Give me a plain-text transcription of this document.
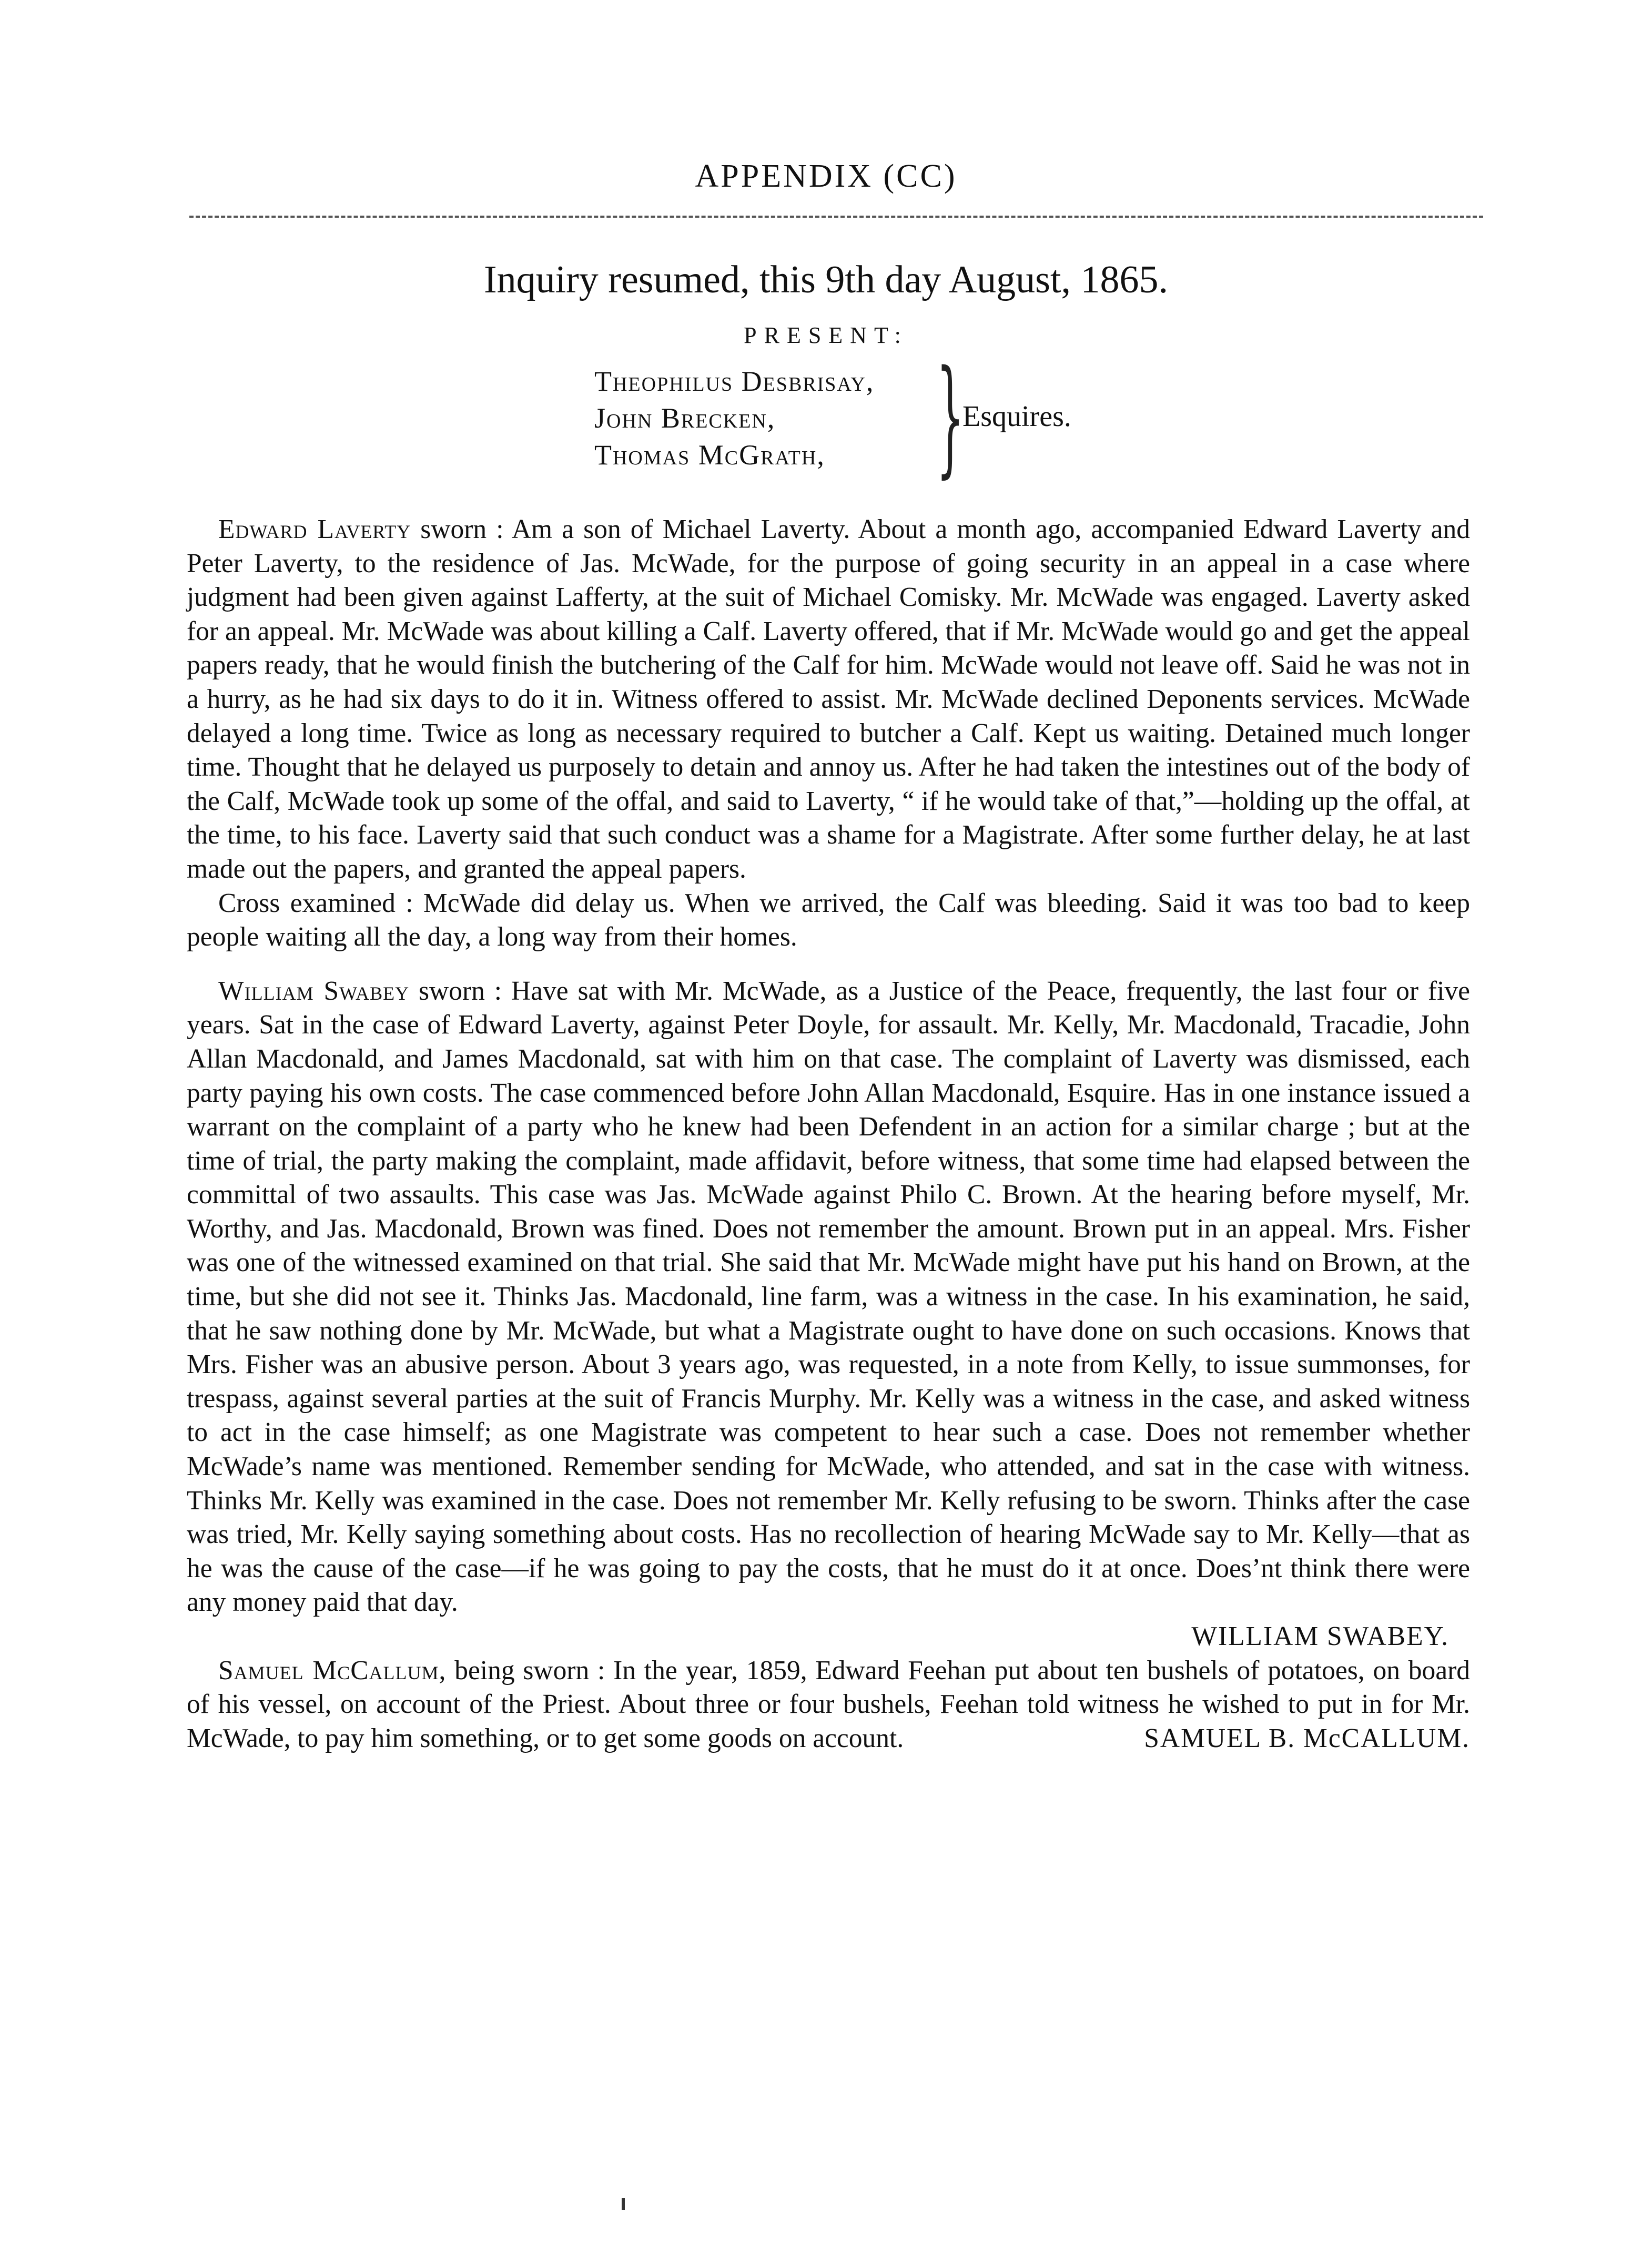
APPENDIX (CC)
Inquiry resumed, this 9th day August, 1865.
PRESENT:
Theophilus Desbrisay,
John Brecken,
Thomas McGrath, }
Esquires.

Edward Laverty sworn : Am a son of Michael Laverty. About a month ago, accompanied Edward Laverty and Peter Laverty, to the residence of Jas. McWade, for the purpose of going security in an appeal in a case where judgment had been given against Lafferty, at the suit of Michael Comisky. Mr. McWade was engaged. Laverty asked for an appeal. Mr. McWade was about killing a Calf. Laverty offered, that if Mr. McWade would go and get the appeal papers ready, that he would finish the butchering of the Calf for him. McWade would not leave off. Said he was not in a hurry, as he had six days to do it in. Witness offered to assist. Mr. McWade declined Deponents services. McWade delayed a long time. Twice as long as necessary required to butcher a Calf. Kept us waiting. Detained much longer time. Thought that he delayed us purposely to detain and annoy us. After he had taken the intestines out of the body of the Calf, McWade took up some of the offal, and said to Laverty, “ if he would take of that,”—holding up the offal, at the time, to his face. Laverty said that such conduct was a shame for a Magistrate. After some further delay, he at last made out the papers, and granted the appeal papers.

Cross examined : McWade did delay us. When we arrived, the Calf was bleeding. Said it was too bad to keep people waiting all the day, a long way from their homes.

William Swabey sworn : Have sat with Mr. McWade, as a Justice of the Peace, frequently, the last four or five years. Sat in the case of Edward Laverty, against Peter Doyle, for assault. Mr. Kelly, Mr. Macdonald, Tracadie, John Allan Macdonald, and James Macdonald, sat with him on that case. The complaint of Laverty was dismissed, each party paying his own costs. The case commenced before John Allan Macdonald, Esquire. Has in one instance issued a warrant on the complaint of a party who he knew had been Defendent in an action for a similar charge ; but at the time of trial, the party making the complaint, made affidavit, before witness, that some time had elapsed between the committal of two assaults. This case was Jas. McWade against Philo C. Brown. At the hearing before myself, Mr. Worthy, and Jas. Macdonald, Brown was fined. Does not remember the amount. Brown put in an appeal. Mrs. Fisher was one of the witnessed examined on that trial. She said that Mr. McWade might have put his hand on Brown, at the time, but she did not see it. Thinks Jas. Macdonald, line farm, was a witness in the case. In his examination, he said, that he saw nothing done by Mr. McWade, but what a Magistrate ought to have done on such occasions. Knows that Mrs. Fisher was an abusive person. About 3 years ago, was requested, in a note from Kelly, to issue summonses, for trespass, against several parties at the suit of Francis Murphy. Mr. Kelly was a witness in the case, and asked witness to act in the case himself; as one Magistrate was competent to hear such a case. Does not remember whether McWade’s name was mentioned. Remember sending for McWade, who attended, and sat in the case with witness. Thinks Mr. Kelly was examined in the case. Does not remember Mr. Kelly refusing to be sworn. Thinks after the case was tried, Mr. Kelly saying something about costs. Has no recollection of hearing McWade say to Mr. Kelly—that as he was the cause of the case—if he was going to pay the costs, that he must do it at once. Does’nt think there were any money paid that day.

WILLIAM SWABEY.

Samuel McCallum, being sworn : In the year, 1859, Edward Feehan put about ten bushels of potatoes, on board of his vessel, on account of the Priest. About three or four bushels, Feehan told witness he wished to put in for Mr. McWade, to pay him something, or to get some goods on account.	SAMUEL B. McCALLUM.
